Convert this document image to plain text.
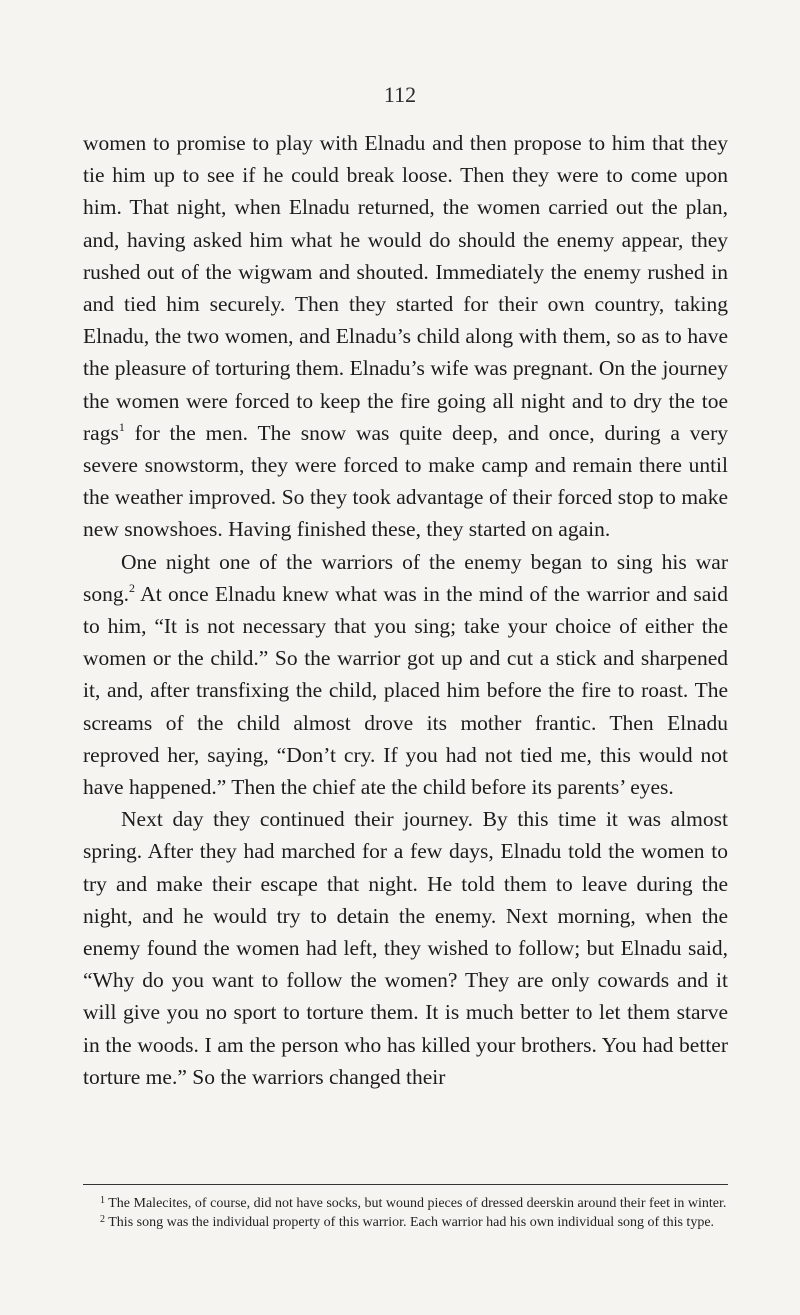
112

women to promise to play with Elnadu and then propose to him that they tie him up to see if he could break loose. Then they were to come upon him. That night, when Elnadu returned, the women carried out the plan, and, having asked him what he would do should the enemy appear, they rushed out of the wigwam and shouted. Immediately the enemy rushed in and tied him securely. Then they started for their own country, taking Elnadu, the two women, and Elnadu’s child along with them, so as to have the pleasure of torturing them. Elnadu’s wife was pregnant. On the journey the women were forced to keep the fire going all night and to dry the toe rags$^1$ for the men. The snow was quite deep, and once, during a very severe snowstorm, they were forced to make camp and remain there until the weather improved. So they took advantage of their forced stop to make new snowshoes. Having finished these, they started on again.

One night one of the warriors of the enemy began to sing his war song.$^2$ At once Elnadu knew what was in the mind of the warrior and said to him, “It is not necessary that you sing; take your choice of either the women or the child.” So the warrior got up and cut a stick and sharpened it, and, after transfixing the child, placed him before the fire to roast. The screams of the child almost drove its mother frantic. Then Elnadu reproved her, saying, “Don’t cry. If you had not tied me, this would not have happened.” Then the chief ate the child before its parents’ eyes.

Next day they continued their journey. By this time it was almost spring. After they had marched for a few days, Elnadu told the women to try and make their escape that night. He told them to leave during the night, and he would try to detain the enemy. Next morning, when the enemy found the women had left, they wished to follow; but Elnadu said, “Why do you want to follow the women? They are only cowards and it will give you no sport to torture them. It is much better to let them starve in the woods. I am the person who has killed your brothers. You had better torture me.” So the warriors changed their

$^1$ The Malecites, of course, did not have socks, but wound pieces of dressed deerskin around their feet in winter.

$^2$ This song was the individual property of this warrior. Each warrior had his own individual song of this type.
